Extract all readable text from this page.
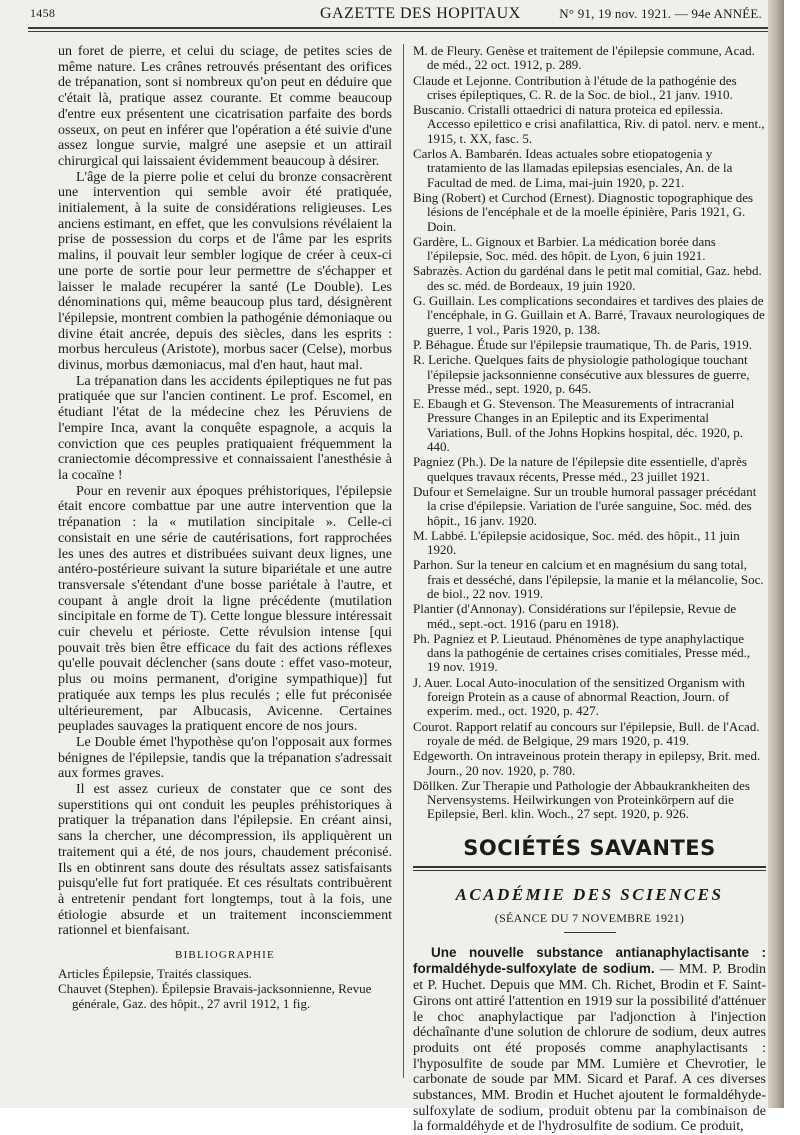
1458	GAZETTE DES HOPITAUX	N° 91, 19 nov. 1921. — 94e ANNÉE.

un foret de pierre, et celui du sciage, de petites scies de même nature. Les crânes retrouvés présentant des orifices de trépanation, sont si nombreux qu'on peut en déduire que c'était là, pratique assez courante. Et comme beaucoup d'entre eux présentent une cicatrisation parfaite des bords osseux, on peut en inférer que l'opération a été suivie d'une assez longue survie, malgré une asepsie et un attirail chirurgical qui laissaient évidemment beaucoup à désirer.

L'âge de la pierre polie et celui du bronze consacrèrent une intervention qui semble avoir été pratiquée, initialement, à la suite de considérations religieuses. Les anciens estimant, en effet, que les convulsions révélaient la prise de possession du corps et de l'âme par les esprits malins, il pouvait leur sembler logique de créer à ceux-ci une porte de sortie pour leur permettre de s'échapper et laisser le malade recupérer la santé (Le Double). Les dénominations qui, même beaucoup plus tard, désignèrent l'épilepsie, montrent combien la pathogénie démoniaque ou divine était ancrée, depuis des siècles, dans les esprits : morbus herculeus (Aristote), morbus sacer (Celse), morbus divinus, morbus dæmoniacus, mal d'en haut, haut mal.

La trépanation dans les accidents épileptiques ne fut pas pratiquée que sur l'ancien continent. Le prof. Escomel, en étudiant l'état de la médecine chez les Péruviens de l'empire Inca, avant la conquête espagnole, a acquis la conviction que ces peuples pratiquaient fréquemment la craniectomie décompressive et connaissaient l'anesthésie à la cocaïne !

Pour en revenir aux époques préhistoriques, l'épilepsie était encore combattue par une autre intervention que la trépanation : la « mutilation sincipitale ». Celle-ci consistait en une série de cautérisations, fort rapprochées les unes des autres et distribuées suivant deux lignes, une antéro-postérieure suivant la suture bipariétale et une autre transversale s'étendant d'une bosse pariétale à l'autre, et coupant à angle droit la ligne précédente (mutilation sincipitale en forme de T). Cette longue blessure intéressait cuir chevelu et périoste. Cette révulsion intense [qui pouvait très bien être efficace du fait des actions réflexes qu'elle pouvait déclencher (sans doute : effet vaso-moteur, plus ou moins permanent, d'origine sympathique)] fut pratiquée aux temps les plus reculés ; elle fut préconisée ultérieurement, par Albucasis, Avicenne. Certaines peuplades sauvages la pratiquent encore de nos jours.

Le Double émet l'hypothèse qu'on l'opposait aux formes bénignes de l'épilepsie, tandis que la trépanation s'adressait aux formes graves.

Il est assez curieux de constater que ce sont des superstitions qui ont conduit les peuples préhistoriques à pratiquer la trépanation dans l'épilepsie. En créant ainsi, sans la chercher, une décompression, ils appliquèrent un traitement qui a été, de nos jours, chaudement préconisé. Ils en obtinrent sans doute des résultats assez satisfaisants puisqu'elle fut fort pratiquée. Et ces résultats contribuèrent à entretenir pendant fort longtemps, tout à la fois, une étiologie absurde et un traitement inconsciemment rationnel et bienfaisant.

BIBLIOGRAPHIE

Articles Épilepsie, Traités classiques.

Chauvet (Stephen). Épilepsie Bravais-jacksonnienne, Revue générale, Gaz. des hôpit., 27 avril 1912, 1 fig.

M. de Fleury. Genèse et traitement de l'épilepsie commune, Acad. de méd., 22 oct. 1912, p. 289.

Claude et Lejonne. Contribution à l'étude de la pathogénie des crises épileptiques, C. R. de la Soc. de biol., 21 janv. 1910.

Buscanio. Cristalli ottaedrici di natura proteica ed epilessia. Accesso epilettico e crisi anafilattica, Riv. di patol. nerv. e ment., 1915, t. XX, fasc. 5.

Carlos A. Bambarén. Ideas actuales sobre etiopatogenia y tratamiento de las llamadas epilepsias esenciales, An. de la Facultad de med. de Lima, mai-juin 1920, p. 221.

Bing (Robert) et Curchod (Ernest). Diagnostic topographique des lésions de l'encéphale et de la moelle épinière, Paris 1921, G. Doin.

Gardère, L. Gignoux et Barbier. La médication borée dans l'épilepsie, Soc. méd. des hôpit. de Lyon, 6 juin 1921.

Sabrazès. Action du gardénal dans le petit mal comitial, Gaz. hebd. des sc. méd. de Bordeaux, 19 juin 1920.

G. Guillain. Les complications secondaires et tardives des plaies de l'encéphale, in G. Guillain et A. Barré, Travaux neurologiques de guerre, 1 vol., Paris 1920, p. 138.

P. Béhague. Étude sur l'épilepsie traumatique, Th. de Paris, 1919.

R. Leriche. Quelques faits de physiologie pathologique touchant l'épilepsie jacksonnienne consécutive aux blessures de guerre, Presse méd., sept. 1920, p. 645.

E. Ebaugh et G. Stevenson. The Measurements of intracranial Pressure Changes in an Epileptic and its Experimental Variations, Bull. of the Johns Hopkins hospital, déc. 1920, p. 440.

Pagniez (Ph.). De la nature de l'épilepsie dite essentielle, d'après quelques travaux récents, Presse méd., 23 juillet 1921.

Dufour et Semelaigne. Sur un trouble humoral passager précédant la crise d'épilepsie. Variation de l'urée sanguine, Soc. méd. des hôpit., 16 janv. 1920.

M. Labbé. L'épilepsie acidosique, Soc. méd. des hôpit., 11 juin 1920.

Parhon. Sur la teneur en calcium et en magnésium du sang total, frais et desséché, dans l'épilepsie, la manie et la mélancolie, Soc. de biol., 22 nov. 1919.

Plantier (d'Annonay). Considérations sur l'épilepsie, Revue de méd., sept.-oct. 1916 (paru en 1918).

Ph. Pagniez et P. Lieutaud. Phénomènes de type anaphylactique dans la pathogénie de certaines crises comitiales, Presse méd., 19 nov. 1919.

J. Auer. Local Auto-inoculation of the sensitized Organism with foreign Protein as a cause of abnormal Reaction, Journ. of experim. med., oct. 1920, p. 427.

Courot. Rapport relatif au concours sur l'épilepsie, Bull. de l'Acad. royale de méd. de Belgique, 29 mars 1920, p. 419.

Edgeworth. On intraveinous protein therapy in epilepsy, Brit. med. Journ., 20 nov. 1920, p. 780.

Döllken. Zur Therapie und Pathologie der Abbaukrankheiten des Nervensystems. Heilwirkungen von Proteinkörpern auf die Epilepsie, Berl. klin. Woch., 27 sept. 1920, p. 926.

SOCIÉTÉS SAVANTES
ACADÉMIE DES SCIENCES
(SÉANCE DU 7 NOVEMBRE 1921)

Une nouvelle substance antianaphylactisante : formaldéhyde-sulfoxylate de sodium. — MM. P. Brodin et P. Huchet. Depuis que MM. Ch. Richet, Brodin et F. Saint-Girons ont attiré l'attention en 1919 sur la possibilité d'atténuer le choc anaphylactique par l'adjonction à l'injection déchaînante d'une solution de chlorure de sodium, deux autres produits ont été proposés comme anaphylactisants : l'hyposulfite de soude par MM. Lumière et Chevrotier, le carbonate de soude par MM. Sicard et Paraf. A ces diverses substances, MM. Brodin et Huchet ajoutent le formaldéhyde-sulfoxylate de sodium, produit obtenu par la combinaison de la formaldéhyde et de l'hydrosulfite de sodium. Ce produit,
